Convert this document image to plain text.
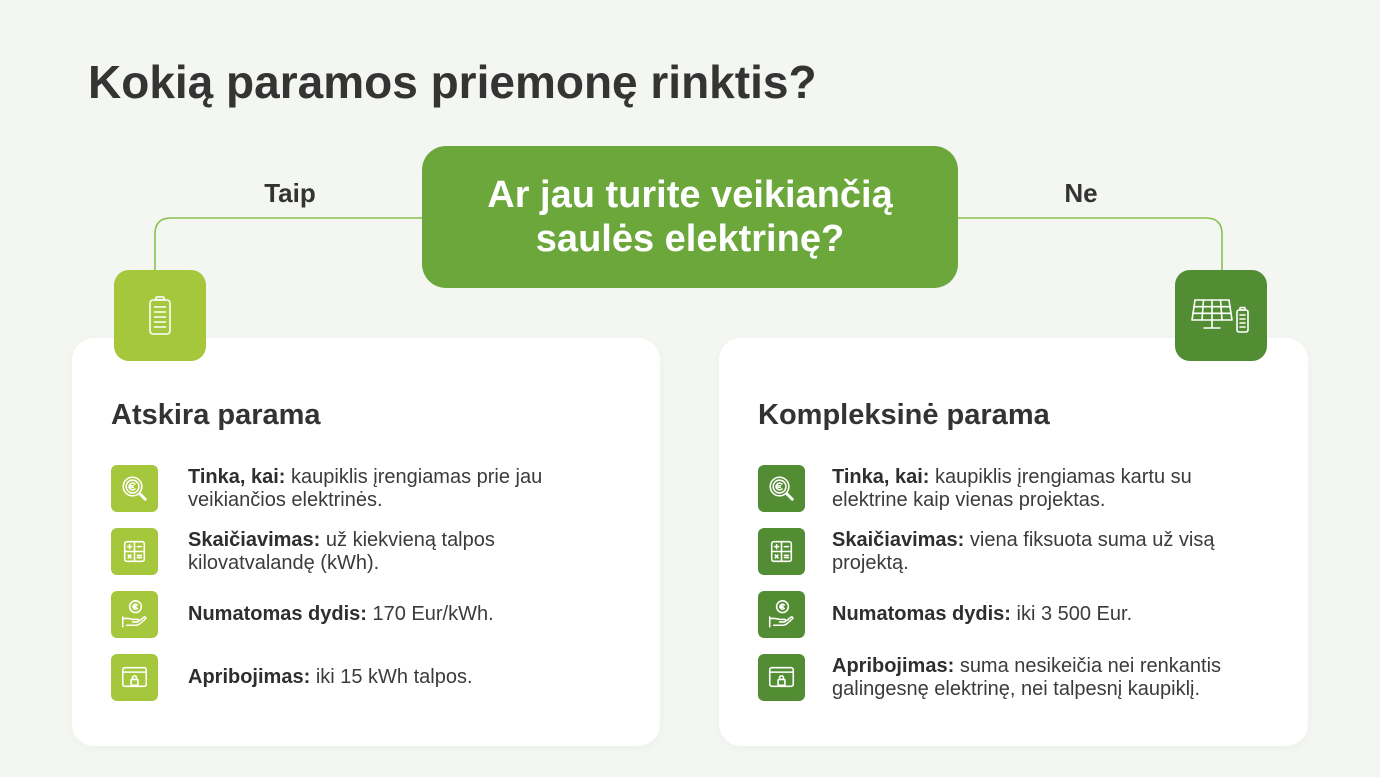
Kokią paramos priemonę rinktis?
Taip	Ne
Ar jau turite veikiančią
saulės elektrinę?
Atskira parama
Tinka, kai: kaupiklis įrengiamas prie jau
veikiančios elektrinės.
Skaičiavimas: už kiekvieną talpos
kilovatvalandę (kWh).
Numatomas dydis: 170 Eur/kWh.
Apribojimas: iki 15 kWh talpos.
Kompleksinė parama
Tinka, kai: kaupiklis įrengiamas kartu su
elektrine kaip vienas projektas.
Skaičiavimas: viena fiksuota suma už visą
projektą.
Numatomas dydis: iki 3 500 Eur.
Apribojimas: suma nesikeičia nei renkantis
galingesnę elektrinę, nei talpesnį kaupiklį.
